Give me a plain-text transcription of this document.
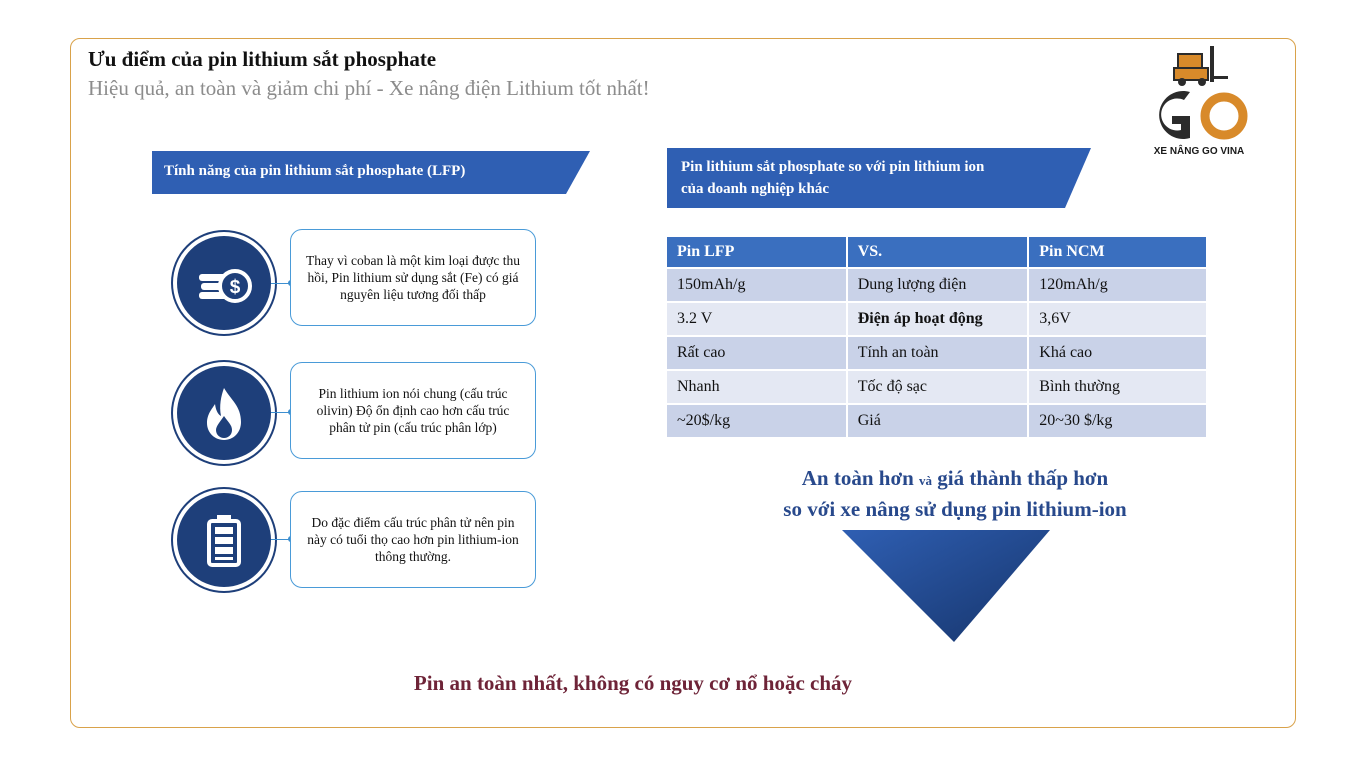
Ưu điểm của pin lithium sắt phosphate
Hiệu quả, an toàn và giảm chi phí - Xe nâng điện Lithium tốt nhất!
XE NÂNG GO VINA
Tính năng của pin lithium sắt phosphate (LFP)	Pin lithium sắt phosphate so với pin lithium ion
của doanh nghiệp khác
$
Thay vì coban là một kim loại được thu hồi, Pin lithium sử dụng sắt (Fe) có giá nguyên liệu tương đối thấp
Pin lithium ion nói chung (cấu trúc olivin) Độ ổn định cao hơn cấu trúc phân tử pin (cấu trúc phân lớp)
Do đặc điểm cấu trúc phân tử nên pin này có tuổi thọ cao hơn pin lithium-ion thông thường.
Pin LFP	VS.	Pin NCM
150mAh/g	Dung lượng điện	120mAh/g
3.2 V	Điện áp hoạt động	3,6V
Rất cao	Tính an toàn	Khá cao
Nhanh	Tốc độ sạc	Bình thường
~20$/kg	Giá	20~30 $/kg
An toàn hơn và giá thành thấp hơn
so với xe nâng sử dụng pin lithium-ion
Pin an toàn nhất, không có nguy cơ nổ hoặc cháy
